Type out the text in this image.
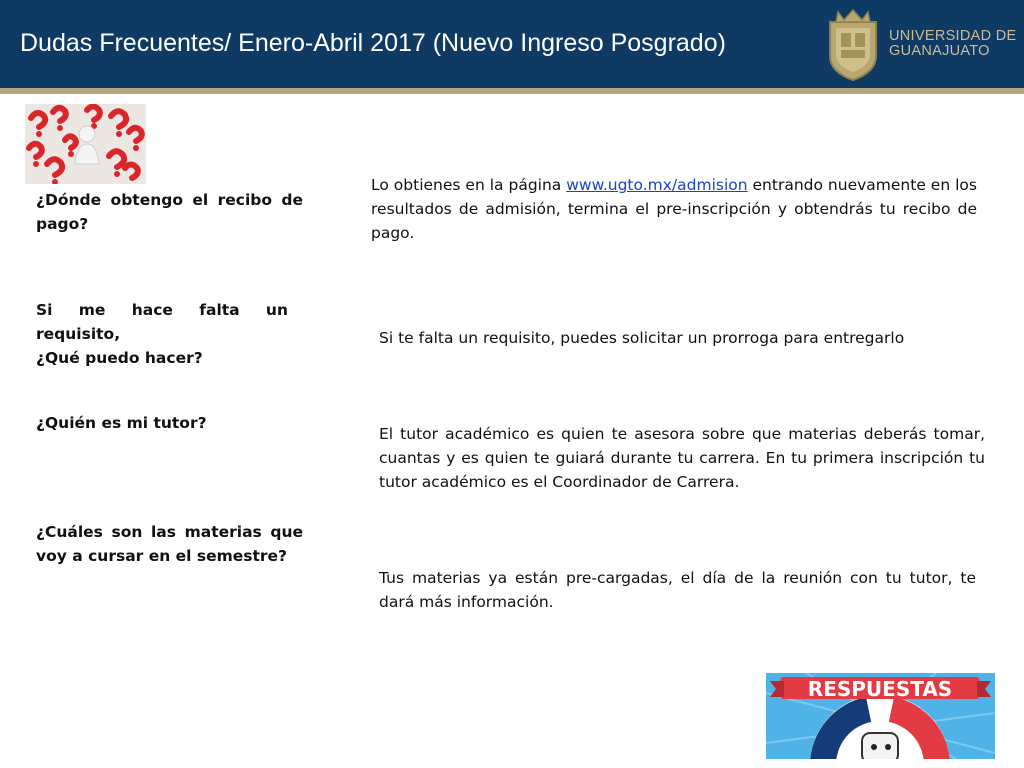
Dudas Frecuentes/ Enero-Abril 2017 (Nuevo Ingreso Posgrado)	UNIVERSIDAD DE
GUANAJUATO
¿Dónde obtengo el recibo de
pago?
Lo obtienes en la página www.ugto.mx/admision entrando nuevamente en los resultados de admisión, termina el pre-inscripción y obtendrás tu recibo de pago.
Si me hace falta un requisito,
¿Qué puedo hacer?
Si te falta un requisito, puedes solicitar un prorroga para entregarlo
¿Quién es mi tutor?
El tutor académico es quien te asesora sobre que materias deberás tomar, cuantas y es quien te guiará durante tu carrera. En tu primera inscripción tu tutor académico es el Coordinador de Carrera.
¿Cuáles son las materias que
voy a cursar en el semestre?
Tus materias ya están pre-cargadas, el día de la reunión con tu tutor, te dará más información.
RESPUESTAS
